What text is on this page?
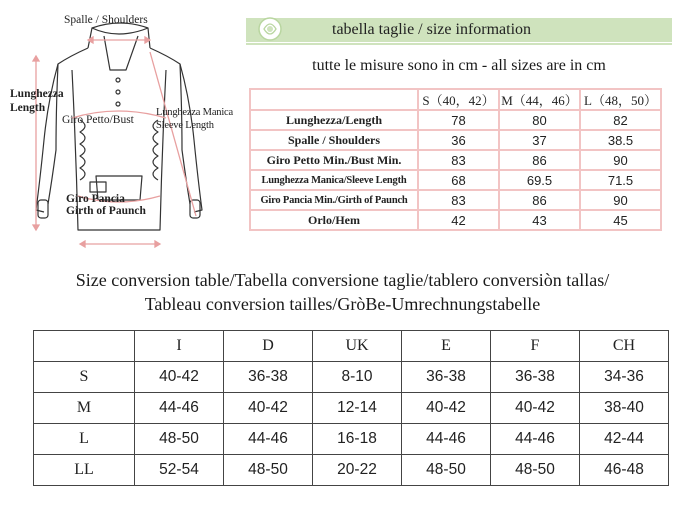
Spalle / Shoulders
Lunghezza
Length
Giro Petto/Bust
Lunghezza Manica
Sleeve Length
Giro Pancia
Girth of Paunch
tabella taglie / size information
tutte le misure sono in cm - all sizes are in cm
	S（40，42）	M（44，46）	L（48，50）
Lunghezza/Length	78	80	82
Spalle / Shoulders	36	37	38.5
Giro Petto Min./Bust Min.	83	86	90
Lunghezza Manica/Sleeve Length	68	69.5	71.5
Giro Pancia Min./Girth of Paunch	83	86	90
Orlo/Hem	42	43	45
Size conversion table/Tabella conversione taglie/tablero conversiòn tallas/
Tableau conversion tailles/GròBe-Umrechnungstabelle
	I	D	UK	E	F	CH
S	40-42	36-38	8-10	36-38	36-38	34-36
M	44-46	40-42	12-14	40-42	40-42	38-40
L	48-50	44-46	16-18	44-46	44-46	42-44
LL	52-54	48-50	20-22	48-50	48-50	46-48
